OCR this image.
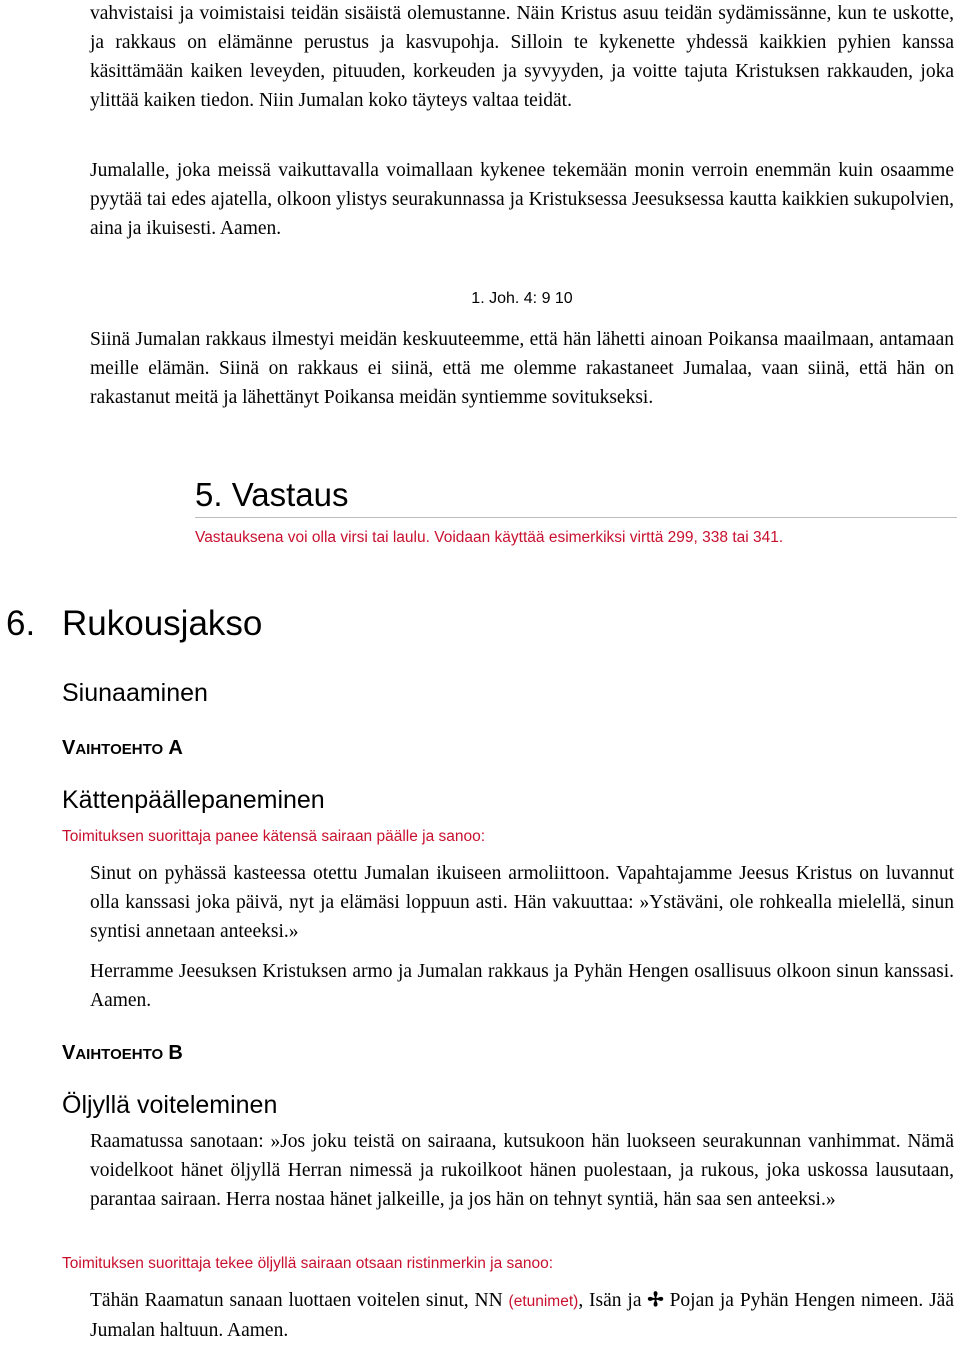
vahvistaisi ja voimistaisi teidän sisäistä olemustanne. Näin Kristus asuu teidän sydämissänne, kun te uskotte, ja rakkaus on elämänne perustus ja kasvupohja. Silloin te kykenette yhdessä kaikkien pyhien kanssa käsittämään kaiken leveyden, pituuden, korkeuden ja syvyyden, ja voitte tajuta Kristuksen rakkauden, joka ylittää kaiken tiedon. Niin Jumalan koko täyteys valtaa teidät.

Jumalalle, joka meissä vaikuttavalla voimallaan kykenee tekemään monin verroin enemmän kuin osaamme pyytää tai edes ajatella, olkoon ylistys seurakunnassa ja Kristuksessa Jeesuksessa kautta kaikkien sukupolvien, aina ja ikuisesti. Aamen.

1. Joh. 4: 9 10

Siinä Jumalan rakkaus ilmestyi meidän keskuuteemme, että hän lähetti ainoan Poikansa maailmaan, antamaan meille elämän. Siinä on rakkaus ei siinä, että me olemme rakastaneet Jumalaa, vaan siinä, että hän on rakastanut meitä ja lähettänyt Poikansa meidän syntiemme sovitukseksi.

5. Vastaus

Vastauksena voi olla virsi tai laulu. Voidaan käyttää esimerkiksi virttä 299, 338 tai 341.

6. Rukousjakso
Siunaaminen
VAIHTOEHTO A
Kättenpäällepaneminen

Toimituksen suorittaja panee kätensä sairaan päälle ja sanoo:

Sinut on pyhässä kasteessa otettu Jumalan ikuiseen armoliittoon. Vapahtajamme Jeesus Kristus on luvannut olla kanssasi joka päivä, nyt ja elämäsi loppuun asti. Hän vakuuttaa: »Ystäväni, ole rohkealla mielellä, sinun syntisi annetaan anteeksi.»

Herramme Jeesuksen Kristuksen armo ja Jumalan rakkaus ja Pyhän Hengen osallisuus olkoon sinun kanssasi. Aamen.

VAIHTOEHTO B
Öljyllä voiteleminen

Raamatussa sanotaan: »Jos joku teistä on sairaana, kutsukoon hän luokseen seurakunnan vanhimmat. Nämä voidelkoot hänet öljyllä Herran nimessä ja rukoilkoot hänen puolestaan, ja rukous, joka uskossa lausutaan, parantaa sairaan. Herra nostaa hänet jalkeille, ja jos hän on tehnyt syntiä, hän saa sen anteeksi.»

Toimituksen suorittaja tekee öljyllä sairaan otsaan ristinmerkin ja sanoo:

Tähän Raamatun sanaan luottaen voitelen sinut, NN (etunimet), Isän ja ✢ Pojan ja Pyhän Hengen nimeen. Jää Jumalan haltuun. Aamen.
